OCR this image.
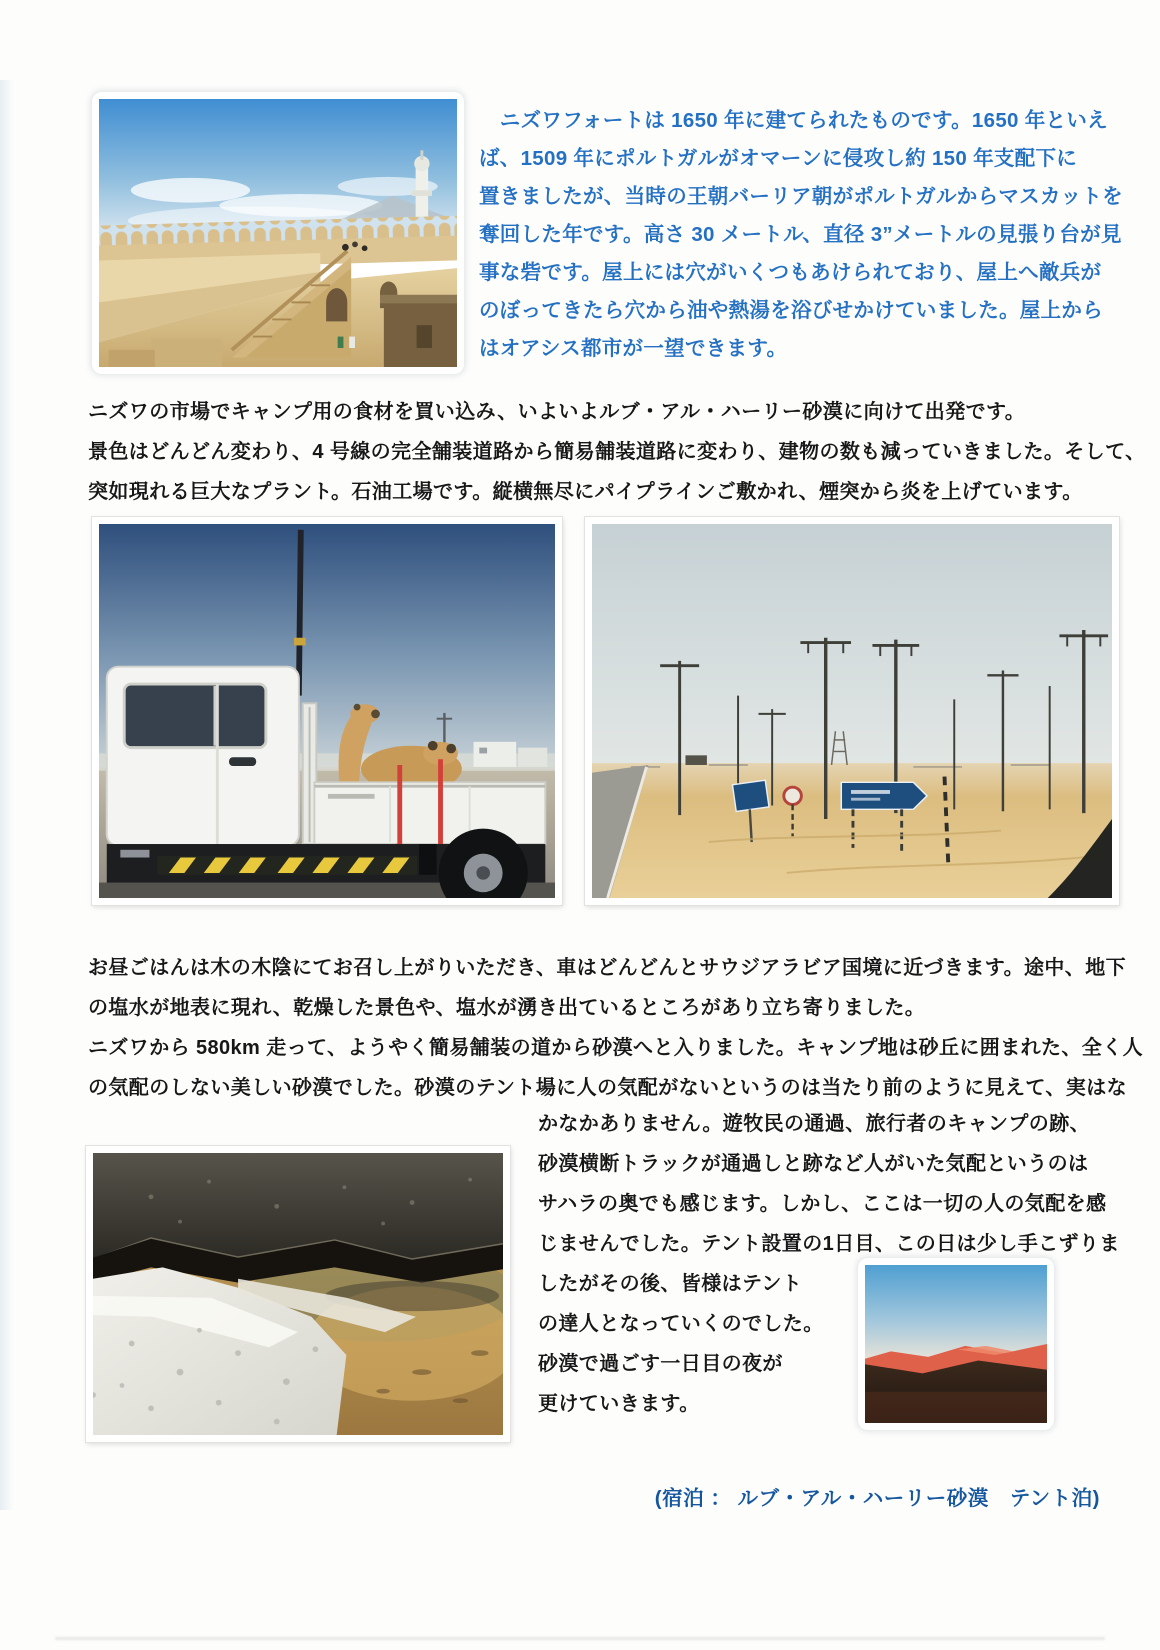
　ニズワフォートは 1650 年に建てられたものです。1650 年といえ
ば、1509 年にポルトガルがオマーンに侵攻し約 150 年支配下に
置きましたが、当時の王朝バーリア朝がポルトガルからマスカットを
奪回した年です。高さ 30 メートル、直径 3”メートルの見張り台が見
事な砦です。屋上には穴がいくつもあけられており、屋上へ敵兵が
のぼってきたら穴から油や熱湯を浴びせかけていました。屋上から
はオアシス都市が一望できます。
ニズワの市場でキャンプ用の食材を買い込み、いよいよルブ・アル・ハーリー砂漠に向けて出発です。
景色はどんどん変わり、4 号線の完全舗装道路から簡易舗装道路に変わり、建物の数も減っていきました。そして、
突如現れる巨大なプラント。石油工場です。縦横無尽にパイプラインご敷かれ、煙突から炎を上げています。
お昼ごはんは木の木陰にてお召し上がりいただき、車はどんどんとサウジアラビア国境に近づきます。途中、地下
の塩水が地表に現れ、乾燥した景色や、塩水が湧き出ているところがあり立ち寄りました。
ニズワから 580km 走って、ようやく簡易舗装の道から砂漠へと入りました。キャンプ地は砂丘に囲まれた、全く人
の気配のしない美しい砂漠でした。砂漠のテント場に人の気配がないというのは当たり前のように見えて、実はな
かなかありません。遊牧民の通過、旅行者のキャンプの跡、
砂漠横断トラックが通過しと跡など人がいた気配というのは
サハラの奥でも感じます。しかし、ここは一切の人の気配を感
じませんでした。テント設置の1日目、この日は少し手こずりま
したがその後、皆様はテント
の達人となっていくのでした。
砂漠で過ごす一日目の夜が
更けていきます。
(宿泊 ： ルブ・アル・ハーリー砂漠　テント泊)
